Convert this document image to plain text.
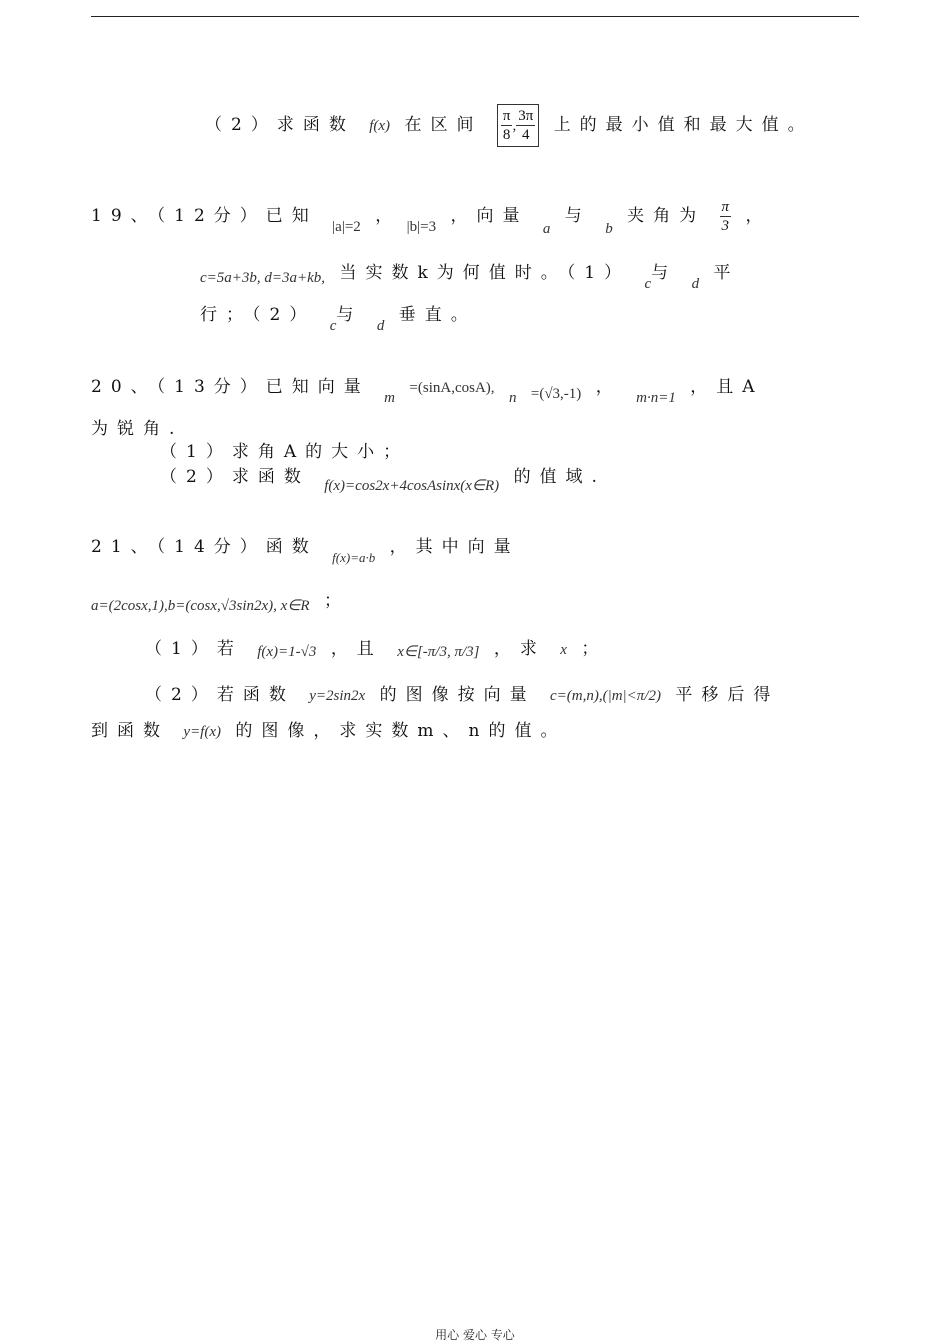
（2）求函数 f(x) 在区间 $\frac{\pi}{8}$ , $\frac{3\pi}{4}$ 上的最小值和最大值。
19、（12分）已知 |a|=2 ， |b|=3 ，向量 a 与 b 夹角为 $\frac{\pi}{3}$ ，
c=5a+3b, d=3a+kb, 当实数k为何值时。（1） c与 d 平
行；（2） c与 d 垂直。
20、（13分）已知向量 m =(sinA,cosA), n =(√3,-1) ， m·n=1 ，且A
为锐角.
（1）求角A的大小；
（2）求函数 f(x)=cos2x+4cosAsinx(x∈R) 的值域.
21、（14分）函数 $_{f(x)=a\cdot b}$ ，其中向量
a=(2cosx,1),b=(cosx,√3sin2x), x∈R ；
（1）若 f(x)=1-√3 ，且 x∈[-π/3, π/3] ，求 x ；
（2）若函数 y=2sin2x 的图像按向量 c=(m,n),(|m|<π/2) 平移后得
到函数 y=f(x) 的图像，求实数m、n的值。
用心 爱心 专心
